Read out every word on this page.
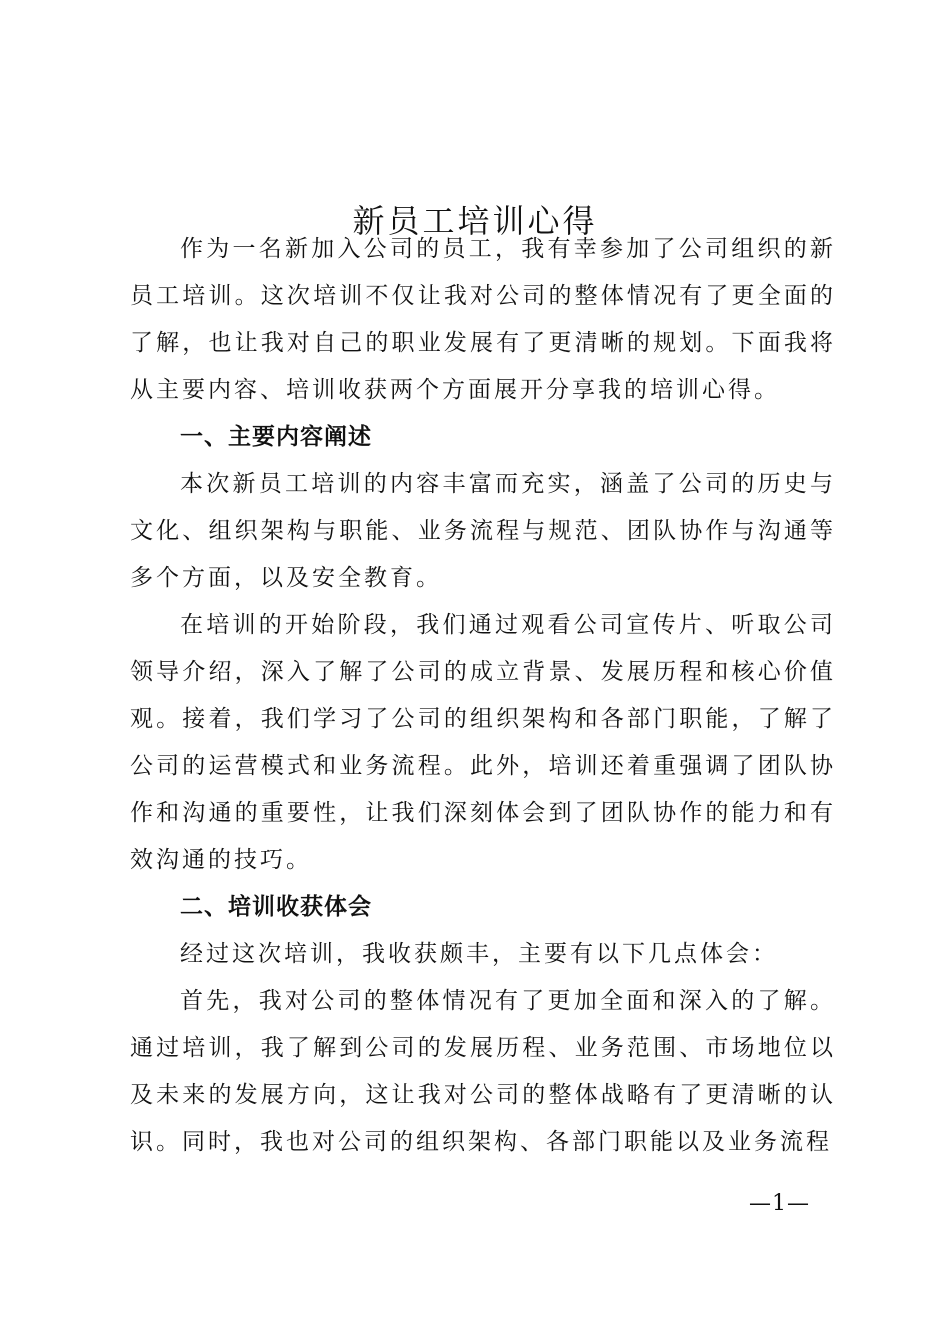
新员工培训心得

作为一名新加入公司的员工，我有幸参加了公司组织的新员工培训。这次培训不仅让我对公司的整体情况有了更全面的了解，也让我对自己的职业发展有了更清晰的规划。下面我将从主要内容、培训收获两个方面展开分享我的培训心得。

一、主要内容阐述

本次新员工培训的内容丰富而充实，涵盖了公司的历史与文化、组织架构与职能、业务流程与规范、团队协作与沟通等多个方面，以及安全教育。

在培训的开始阶段，我们通过观看公司宣传片、听取公司领导介绍，深入了解了公司的成立背景、发展历程和核心价值观。接着，我们学习了公司的组织架构和各部门职能，了解了公司的运营模式和业务流程。此外，培训还着重强调了团队协作和沟通的重要性，让我们深刻体会到了团队协作的能力和有效沟通的技巧。

二、培训收获体会

经过这次培训，我收获颇丰，主要有以下几点体会：

首先，我对公司的整体情况有了更加全面和深入的了解。通过培训，我了解到公司的发展历程、业务范围、市场地位以及未来的发展方向，这让我对公司的整体战略有了更清晰的认识。同时，我也对公司的组织架构、各部门职能以及业务流程

—1—
